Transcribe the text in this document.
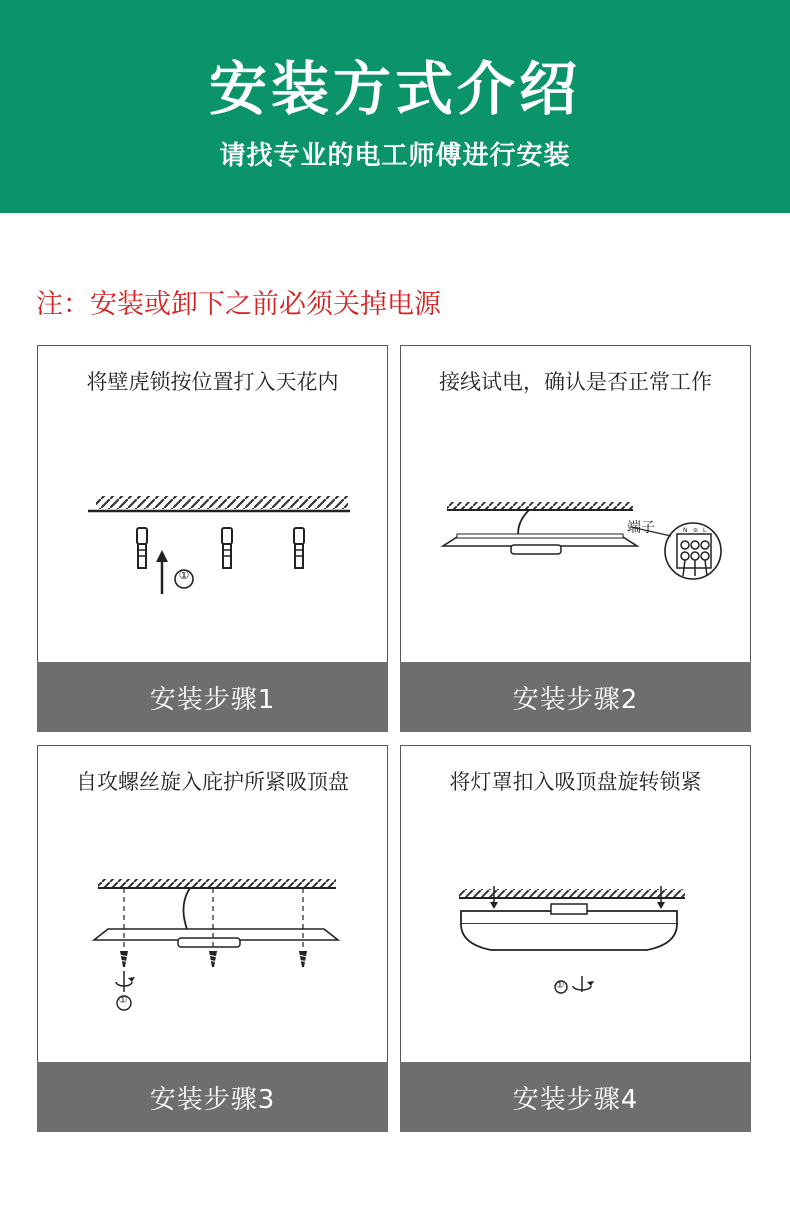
安装方式介绍
请找专业的电工师傅进行安装
注：安装或卸下之前必须关掉电源
将壁虎锁按位置打入天花内
安装步骤1
接线试电，确认是否正常工作
端子	N ⊜ L
安装步骤2
自攻螺丝旋入庇护所紧吸顶盘
安装步骤3
将灯罩扣入吸顶盘旋转锁紧
安装步骤4
①
①
①
